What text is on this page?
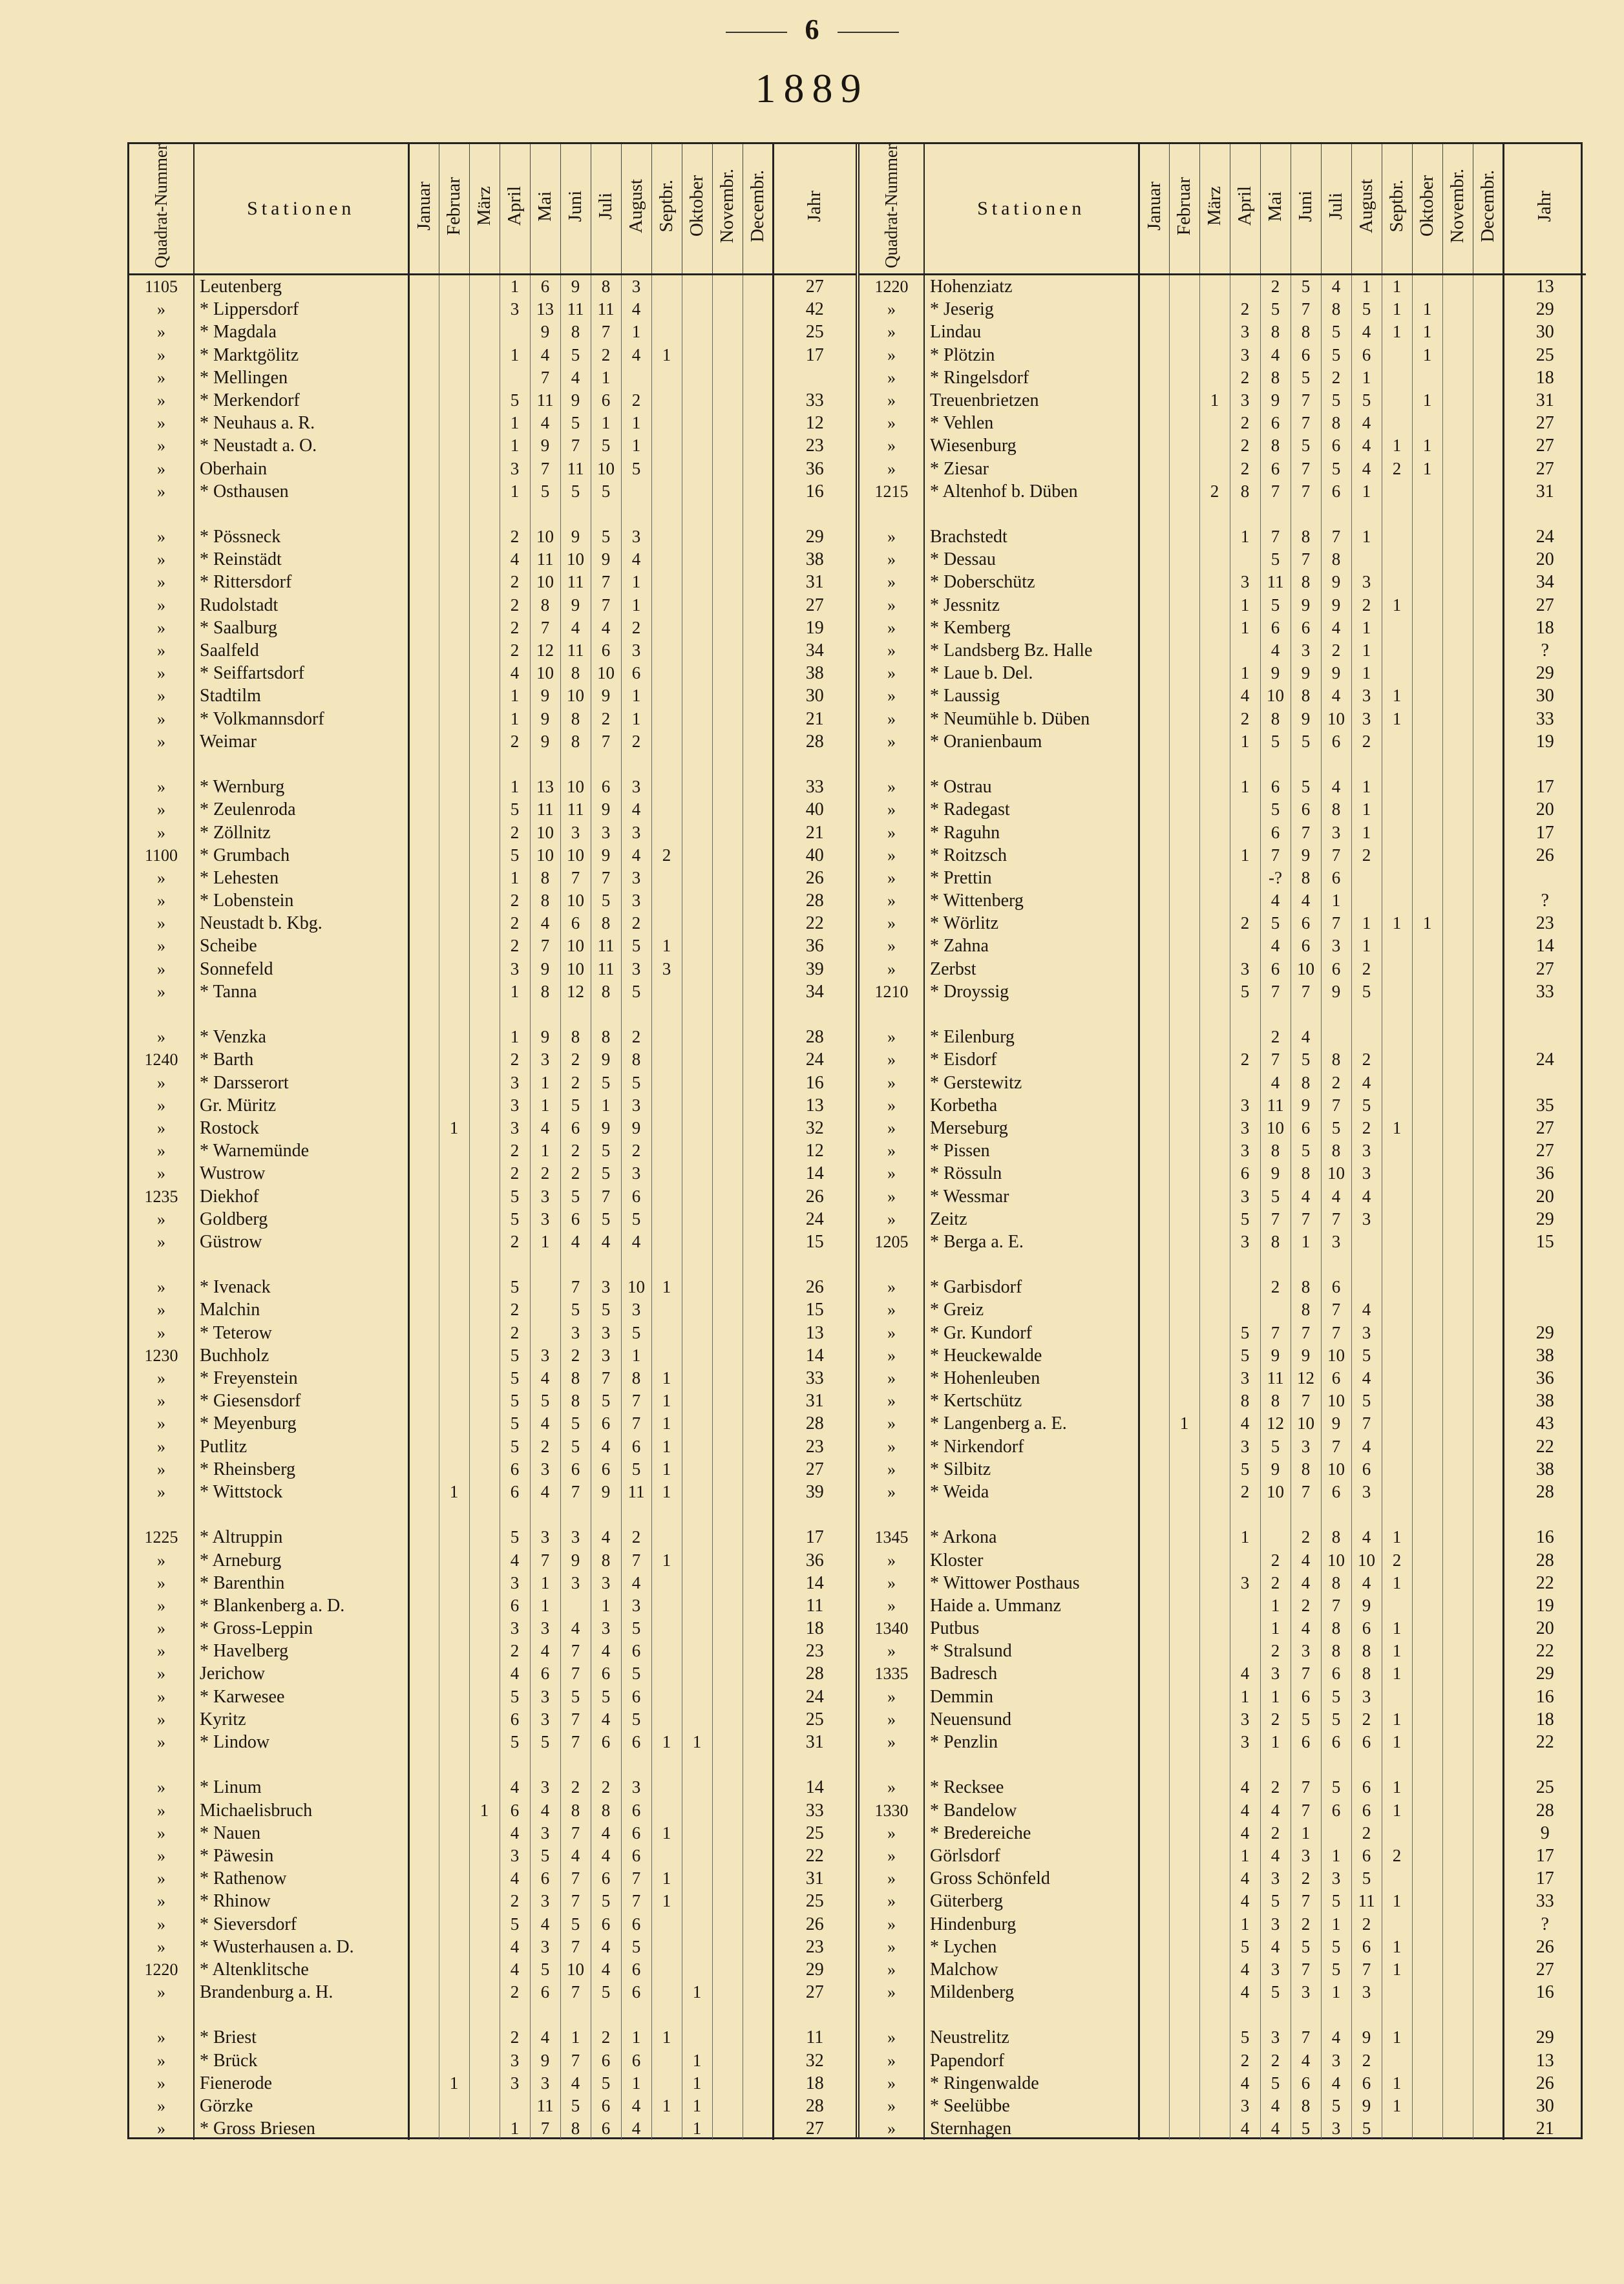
6
1889
Quadrat-Nummer	Stationen	Januar	Februar	März	April	Mai	Juni	Juli	August	Septbr.	Oktober	Novembr.	Decembr.	Jahr
1105	Leutenberg				1	6	9	8	3					27
»	* Lippersdorf				3	13	11	11	4					42
»	* Magdala					9	8	7	1					25
»	* Marktgölitz				1	4	5	2	4	1				17
»	* Mellingen					7	4	1						
»	* Merkendorf				5	11	9	6	2					33
»	* Neuhaus a. R.				1	4	5	1	1					12
»	* Neustadt a. O.				1	9	7	5	1					23
»	Oberhain				3	7	11	10	5					36
»	* Osthausen				1	5	5	5						16

»	* Pössneck				2	10	9	5	3					29
»	* Reinstädt				4	11	10	9	4					38
»	* Rittersdorf				2	10	11	7	1					31
»	Rudolstadt				2	8	9	7	1					27
»	* Saalburg				2	7	4	4	2					19
»	Saalfeld				2	12	11	6	3					34
»	* Seiffartsdorf				4	10	8	10	6					38
»	Stadtilm				1	9	10	9	1					30
»	* Volkmannsdorf				1	9	8	2	1					21
»	Weimar				2	9	8	7	2					28

»	* Wernburg				1	13	10	6	3					33
»	* Zeulenroda				5	11	11	9	4					40
»	* Zöllnitz				2	10	3	3	3					21
1100	* Grumbach				5	10	10	9	4	2				40
»	* Lehesten				1	8	7	7	3					26
»	* Lobenstein				2	8	10	5	3					28
»	Neustadt b. Kbg.				2	4	6	8	2					22
»	Scheibe				2	7	10	11	5	1				36
»	Sonnefeld				3	9	10	11	3	3				39
»	* Tanna				1	8	12	8	5					34

»	* Venzka				1	9	8	8	2					28
1240	* Barth				2	3	2	9	8					24
»	* Darsserort				3	1	2	5	5					16
»	Gr. Müritz				3	1	5	1	3					13
»	Rostock		1		3	4	6	9	9					32
»	* Warnemünde				2	1	2	5	2					12
»	Wustrow				2	2	2	5	3					14
1235	Diekhof				5	3	5	7	6					26
»	Goldberg				5	3	6	5	5					24
»	Güstrow				2	1	4	4	4					15

»	* Ivenack				5		7	3	10	1				26
»	Malchin				2		5	5	3					15
»	* Teterow				2		3	3	5					13
1230	Buchholz				5	3	2	3	1					14
»	* Freyenstein				5	4	8	7	8	1				33
»	* Giesensdorf				5	5	8	5	7	1				31
»	* Meyenburg				5	4	5	6	7	1				28
»	Putlitz				5	2	5	4	6	1				23
»	* Rheinsberg				6	3	6	6	5	1				27
»	* Wittstock		1		6	4	7	9	11	1				39

1225	* Altruppin				5	3	3	4	2					17
»	* Arneburg				4	7	9	8	7	1				36
»	* Barenthin				3	1	3	3	4					14
»	* Blankenberg a. D.				6	1		1	3					11
»	* Gross-Leppin				3	3	4	3	5					18
»	* Havelberg				2	4	7	4	6					23
»	Jerichow				4	6	7	6	5					28
»	* Karwesee				5	3	5	5	6					24
»	Kyritz				6	3	7	4	5					25
»	* Lindow				5	5	7	6	6	1	1			31

»	* Linum				4	3	2	2	3					14
»	Michaelisbruch			1	6	4	8	8	6					33
»	* Nauen				4	3	7	4	6	1				25
»	* Päwesin				3	5	4	4	6					22
»	* Rathenow				4	6	7	6	7	1				31
»	* Rhinow				2	3	7	5	7	1				25
»	* Sieversdorf				5	4	5	6	6					26
»	* Wusterhausen a. D.				4	3	7	4	5					23
1220	* Altenklitsche				4	5	10	4	6					29
»	Brandenburg a. H.				2	6	7	5	6		1			27

»	* Briest				2	4	1	2	1	1				11
»	* Brück				3	9	7	6	6		1			32
»	Fienerode		1		3	3	4	5	1		1			18
»	Görzke					11	5	6	4	1	1			28
»	* Gross Briesen				1	7	8	6	4		1			27
Quadrat-Nummer	Stationen	Januar	Februar	März	April	Mai	Juni	Juli	August	Septbr.	Oktober	Novembr.	Decembr.	Jahr
1220	Hohenziatz					2	5	4	1	1				13
»	* Jeserig				2	5	7	8	5	1	1			29
»	Lindau				3	8	8	5	4	1	1			30
»	* Plötzin				3	4	6	5	6		1			25
»	* Ringelsdorf				2	8	5	2	1					18
»	Treuenbrietzen			1	3	9	7	5	5		1			31
»	* Vehlen				2	6	7	8	4					27
»	Wiesenburg				2	8	5	6	4	1	1			27
»	* Ziesar				2	6	7	5	4	2	1			27
1215	* Altenhof b. Düben			2	8	7	7	6	1					31

»	Brachstedt				1	7	8	7	1					24
»	* Dessau					5	7	8						20
»	* Doberschütz				3	11	8	9	3					34
»	* Jessnitz				1	5	9	9	2	1				27
»	* Kemberg				1	6	6	4	1					18
»	* Landsberg Bz. Halle					4	3	2	1					?
»	* Laue b. Del.				1	9	9	9	1					29
»	* Laussig				4	10	8	4	3	1				30
»	* Neumühle b. Düben				2	8	9	10	3	1				33
»	* Oranienbaum				1	5	5	6	2					19

»	* Ostrau				1	6	5	4	1					17
»	* Radegast					5	6	8	1					20
»	* Raguhn					6	7	3	1					17
»	* Roitzsch				1	7	9	7	2					26
»	* Prettin					-?	8	6						
»	* Wittenberg					4	4	1						?
»	* Wörlitz				2	5	6	7	1	1	1			23
»	* Zahna					4	6	3	1					14
»	Zerbst				3	6	10	6	2					27
1210	* Droyssig				5	7	7	9	5					33

»	* Eilenburg					2	4							
»	* Eisdorf				2	7	5	8	2					24
»	* Gerstewitz					4	8	2	4					
»	Korbetha				3	11	9	7	5					35
»	Merseburg				3	10	6	5	2	1				27
»	* Pissen				3	8	5	8	3					27
»	* Rössuln				6	9	8	10	3					36
»	* Wessmar				3	5	4	4	4					20
»	Zeitz				5	7	7	7	3					29
1205	* Berga a. E.				3	8	1	3						15

»	* Garbisdorf					2	8	6						
»	* Greiz						8	7	4					
»	* Gr. Kundorf				5	7	7	7	3					29
»	* Heuckewalde				5	9	9	10	5					38
»	* Hohenleuben				3	11	12	6	4					36
»	* Kertschütz				8	8	7	10	5					38
»	* Langenberg a. E.		1		4	12	10	9	7					43
»	* Nirkendorf				3	5	3	7	4					22
»	* Silbitz				5	9	8	10	6					38
»	* Weida				2	10	7	6	3					28

1345	* Arkona				1		2	8	4	1				16
»	Kloster					2	4	10	10	2				28
»	* Wittower Posthaus				3	2	4	8	4	1				22
»	Haide a. Ummanz					1	2	7	9					19
1340	Putbus					1	4	8	6	1				20
»	* Stralsund					2	3	8	8	1				22
1335	Badresch				4	3	7	6	8	1				29
»	Demmin				1	1	6	5	3					16
»	Neuensund				3	2	5	5	2	1				18
»	* Penzlin				3	1	6	6	6	1				22

»	* Recksee				4	2	7	5	6	1				25
1330	* Bandelow				4	4	7	6	6	1				28
»	* Bredereiche				4	2	1		2					9
»	Görlsdorf				1	4	3	1	6	2				17
»	Gross Schönfeld				4	3	2	3	5					17
»	Güterberg				4	5	7	5	11	1				33
»	Hindenburg				1	3	2	1	2					?
»	* Lychen				5	4	5	5	6	1				26
»	Malchow				4	3	7	5	7	1				27
»	Mildenberg				4	5	3	1	3					16

»	Neustrelitz				5	3	7	4	9	1				29
»	Papendorf				2	2	4	3	2					13
»	* Ringenwalde				4	5	6	4	6	1				26
»	* Seelübbe				3	4	8	5	9	1				30
»	Sternhagen				4	4	5	3	5					21
